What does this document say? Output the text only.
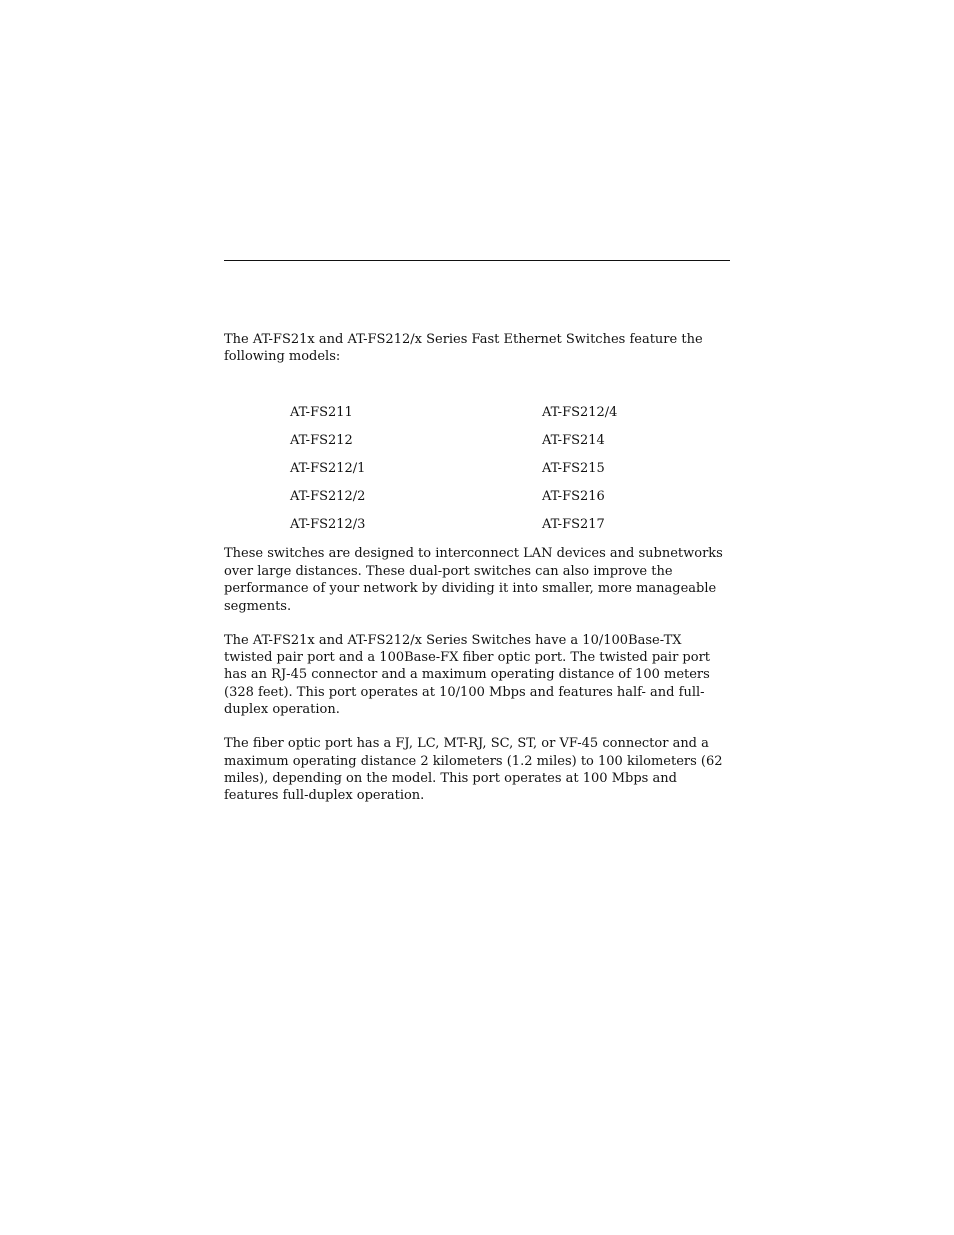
The AT-FS21x and AT-FS212/x Series Fast Ethernet Switches feature the following models:

AT-FS211
AT-FS212
AT-FS212/1
AT-FS212/2
AT-FS212/3
AT-FS212/4
AT-FS214
AT-FS215
AT-FS216
AT-FS217

These switches are designed to interconnect LAN devices and subnetworks over large distances. These dual-port switches can also improve the performance of your network by dividing it into smaller, more manageable segments.

The AT-FS21x and AT-FS212/x Series Switches have a 10/100Base-TX twisted pair port and a 100Base-FX fiber optic port. The twisted pair port has an RJ-45 connector and a maximum operating distance of 100 meters (328 feet). This port operates at 10/100 Mbps and features half- and full-duplex operation.

The fiber optic port has a FJ, LC, MT-RJ, SC, ST, or VF-45 connector and a maximum operating distance 2 kilometers (1.2 miles) to 100 kilometers (62 miles), depending on the model. This port operates at 100 Mbps and features full-duplex operation.
